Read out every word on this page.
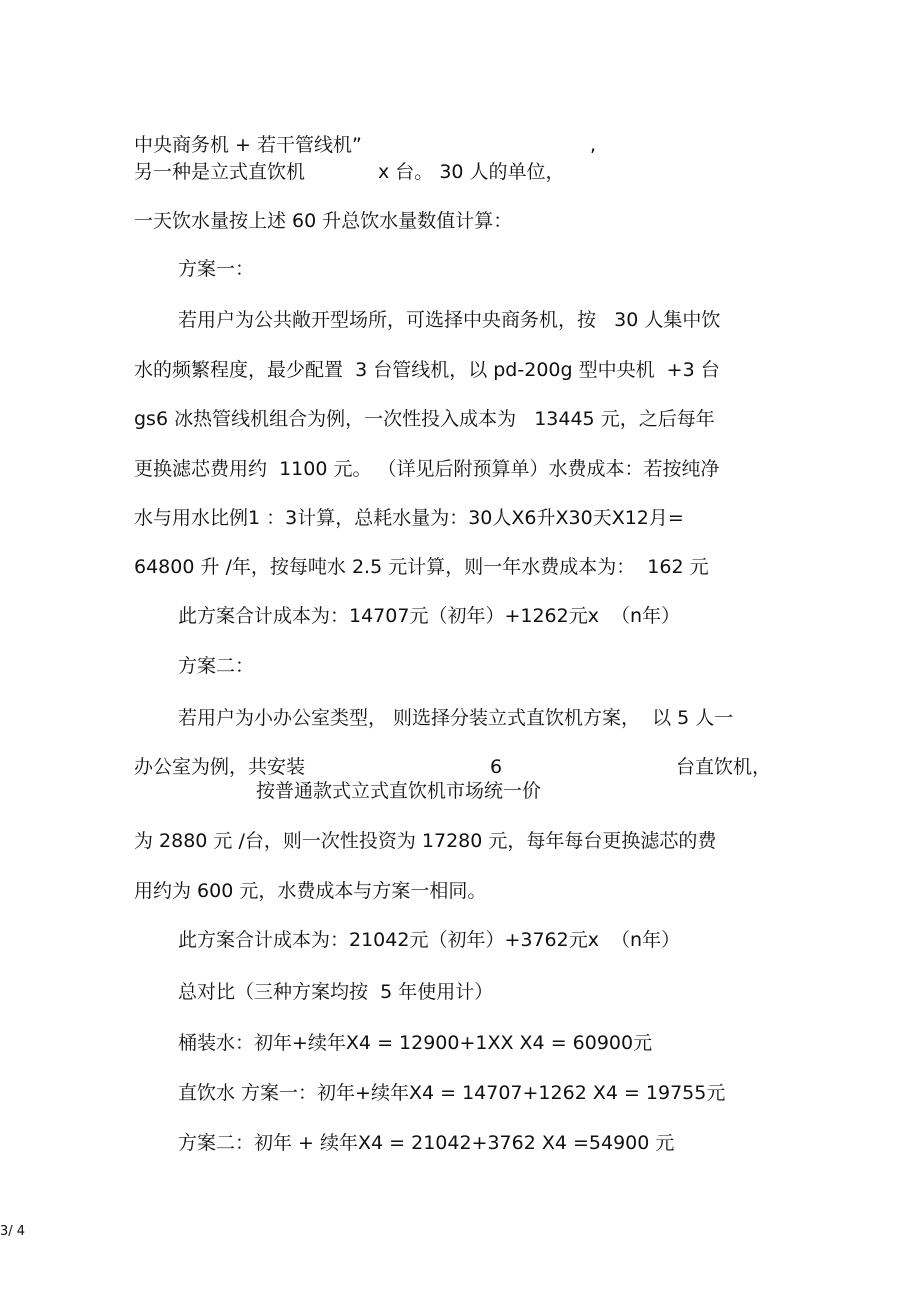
中央商务机 + 若干管线机”	,

另一种是立式直饮机	x 台。 30 人的单位，

一天饮水量按上述 60 升总饮水量数值计算：

方案一：

若用户为公共敞开型场所，可选择中央商务机，按   30 人集中饮

水的频繁程度，最少配置  3 台管线机，以 pd-200g 型中央机  +3 台

gs6 冰热管线机组合为例，一次性投入成本为   13445 元，之后每年

更换滤芯费用约  1100 元。 （详见后附预算单）水费成本：若按纯净

水与用水比例1 ：3计算，总耗水量为：30人X6升X30天X12月=

64800 升 /年，按每吨水 2.5 元计算，则一年水费成本为：  162 元

此方案合计成本为：14707元（初年）+1262元x  （n年）

方案二：

若用户为小办公室类型， 则选择分装立式直饮机方案，  以 5 人一

办公室为例，共安装	6	台直饮机，

按普通款式立式直饮机市场统一价

为 2880 元 /台，则一次性投资为 17280 元，每年每台更换滤芯的费

用约为 600 元，水费成本与方案一相同。

此方案合计成本为：21042元（初年）+3762元x  （n年）

总对比（三种方案均按  5 年使用计）

桶装水：初年+续年X4 = 12900+1XX X4 = 60900元

直饮水 方案一：初年+续年X4 = 14707+1262 X4 = 19755元

方案二：初年 + 续年X4 = 21042+3762 X4 =54900 元

3/ 4
